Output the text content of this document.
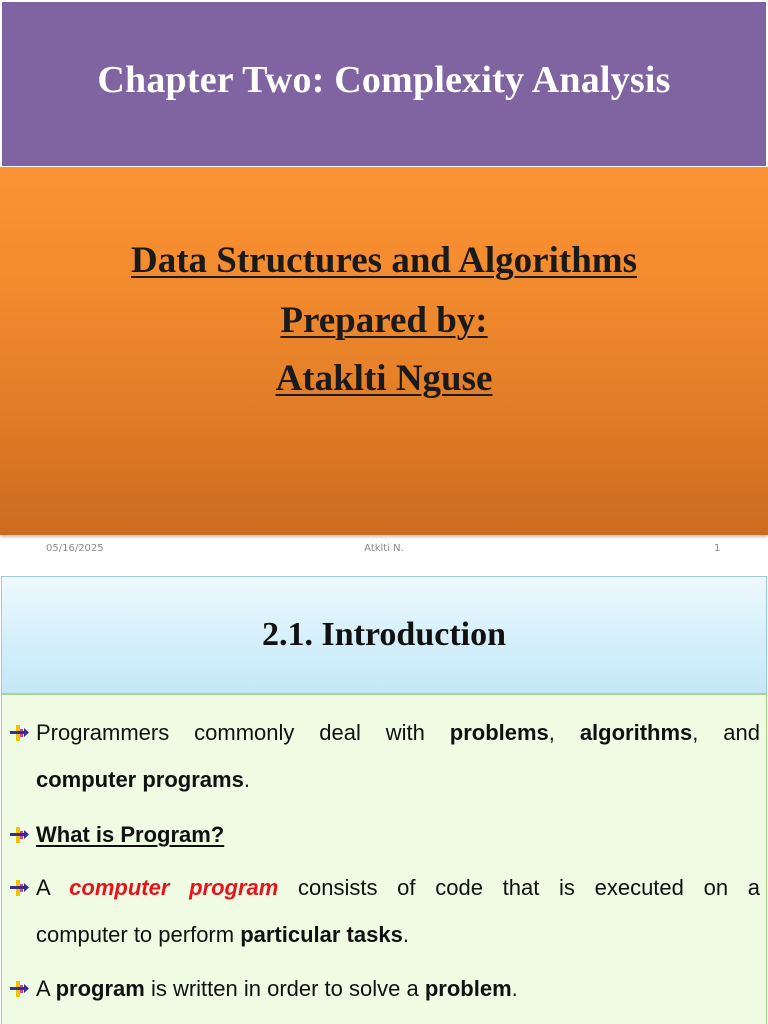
Chapter Two: Complexity Analysis
Data Structures and Algorithms
Prepared by:
Ataklti Nguse
05/16/2025	Atklti N.	1
2.1. Introduction
Programmers commonly deal with problems, algorithms, and
computer programs.
What is Program?
A computer program consists of code that is executed on a
computer to perform particular tasks.
A program is written in order to solve a problem.
